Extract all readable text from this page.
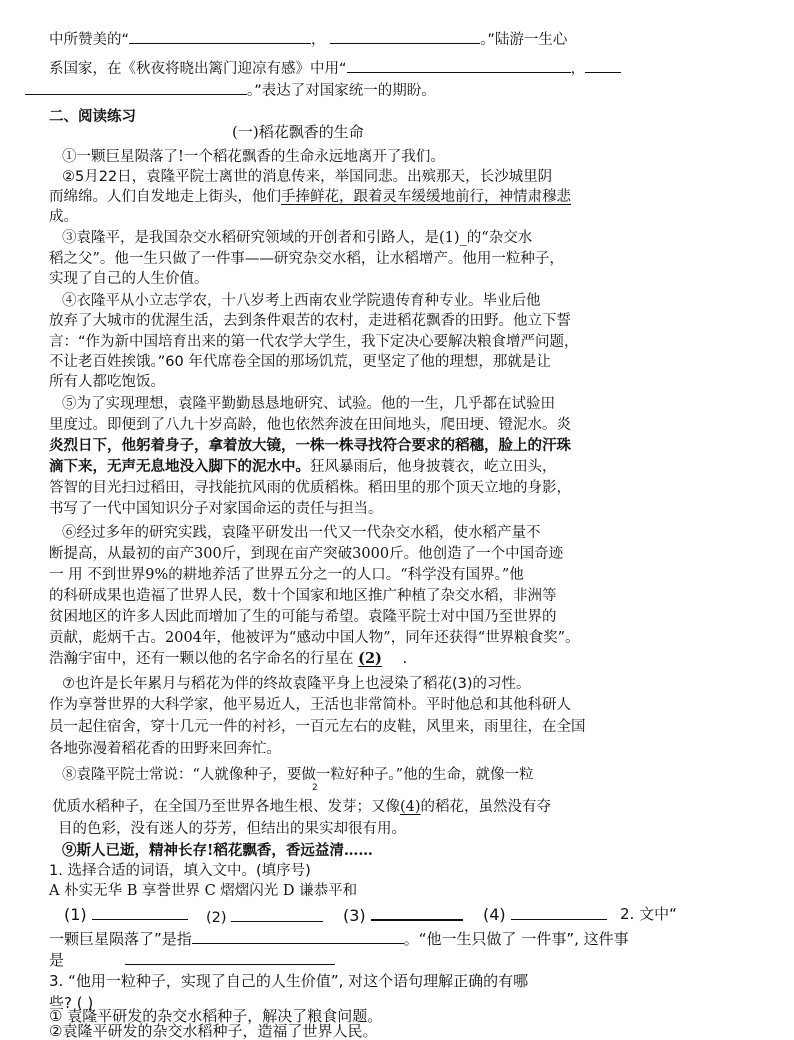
中所赞美的“	，	。”陆游一生心
系国家，在《秋夜将晓出篱门迎凉有感》中用“	，
。”表达了对国家统一的期盼。
二、阅读练习
(一)稻花飘香的生命
①一颗巨星陨落了!一个稻花飘香的生命永远地离开了我们。
②5月22日，袁隆平院士离世的消息传来，举国同悲。出殡那天，长沙城里阴
而绵绵。人们自发地走上街头，他们手捧鲜花，跟着灵车缓缓地前行，神情肃穆悲
成。
③袁隆平，是我国杂交水稻研究领域的开创者和引路人，是(1)_的“杂交水
稻之父”。他一生只做了一件事——研究杂交水稻，让水稻增产。他用一粒种子，
实现了自己的人生价值。
④衣隆平从小立志学农，十八岁考上西南农业学院遗传育种专业。毕业后他
放弃了大城市的优渥生活，去到条件艰苦的农村，走进稻花飘香的田野。他立下誓
言：“作为新中国培育出来的第一代农学大学生，我下定决心要解决粮食增严问题，
不让老百姓挨饿。”60 年代席卷全国的那场饥荒，更坚定了他的理想，那就是让
所有人都吃饱饭。
⑤为了实现理想，袁隆平勤勤恳恳地研究、试验。他的一生，几乎都在试验田
里度过。即便到了八九十岁高龄，他也依然奔波在田间地头，爬田埂、镫泥水。炎
炎烈日下，他躬着身子，拿着放大镜，一株一株寻找符合要求的稻穗，脸上的汗珠
滴下来，无声无息地没入脚下的泥水中。狂风暴雨后，他身披蓑衣，屹立田头，
答智的目光扫过稻田，寻找能抗风雨的优质稻株。稻田里的那个顶天立地的身影，
书写了一代中国知识分子对家国命运的责任与担当。
⑥经过多年的研究实践，袁隆平研发出一代又一代杂交水稻，使水稻产量不
断提高，从最初的亩产300斤，到现在亩产突破3000斤。他创造了一个中国奇迹
一 用 不到世界9%的耕地养活了世界五分之一的人口。“科学没有国界。”他
的科研成果也造福了世界人民，数十个国家和地区推广种植了杂交水稻，非洲等
贫困地区的许多人因此而增加了生的可能与希望。袁隆平院士对中国乃至世界的
贡献，彪炳千古。2004年，他被评为“感动中国人物”，同年还获得“世界粮食奖”。
浩瀚宇宙中，还有一颗以他的名字命名的行星在 (2) .
⑦也许是长年累月与稻花为伴的终故袁隆平身上也浸染了稻花(3)的习性。
作为享誉世界的大科学家，他平易近人，王活也非常简朴。平时他总和其他科研人
员一起住宿舍，穿十几元一件的衬衫，一百元左右的皮鞋，风里来，雨里往，在全国
各地弥漫着稻花香的田野来回奔忙。
⑧袁隆平院士常说：“人就像种子，要做一粒好种子。”他的生命，就像一粒
2
优质水稻种子，在全国乃至世界各地生根、发芽；又像(4)的稻花，虽然没有夺
目的色彩，没有迷人的芬芳，但结出的果实却很有用。
⑨斯人已逝，精神长存!稻花飘香，香远益清……
1. 选择合适的词语，填入文中。(填序号)
A 朴实无华 B 享誉世界 C 熠熠闪光 D 谦恭平和
(1)	(2)	(3)	(4)	2. 文中“
一颗巨星陨落了”是指	。“他一生只做了 一件事”, 这件事
是
3. “他用一粒种子，实现了自己的人生价值”, 对这个语句理解正确的有哪
些? ( )
① 袁隆平研发的杂交水稻种子，解决了粮食问题。
②袁隆平研发的杂交水稻种子，造福了世界人民。
